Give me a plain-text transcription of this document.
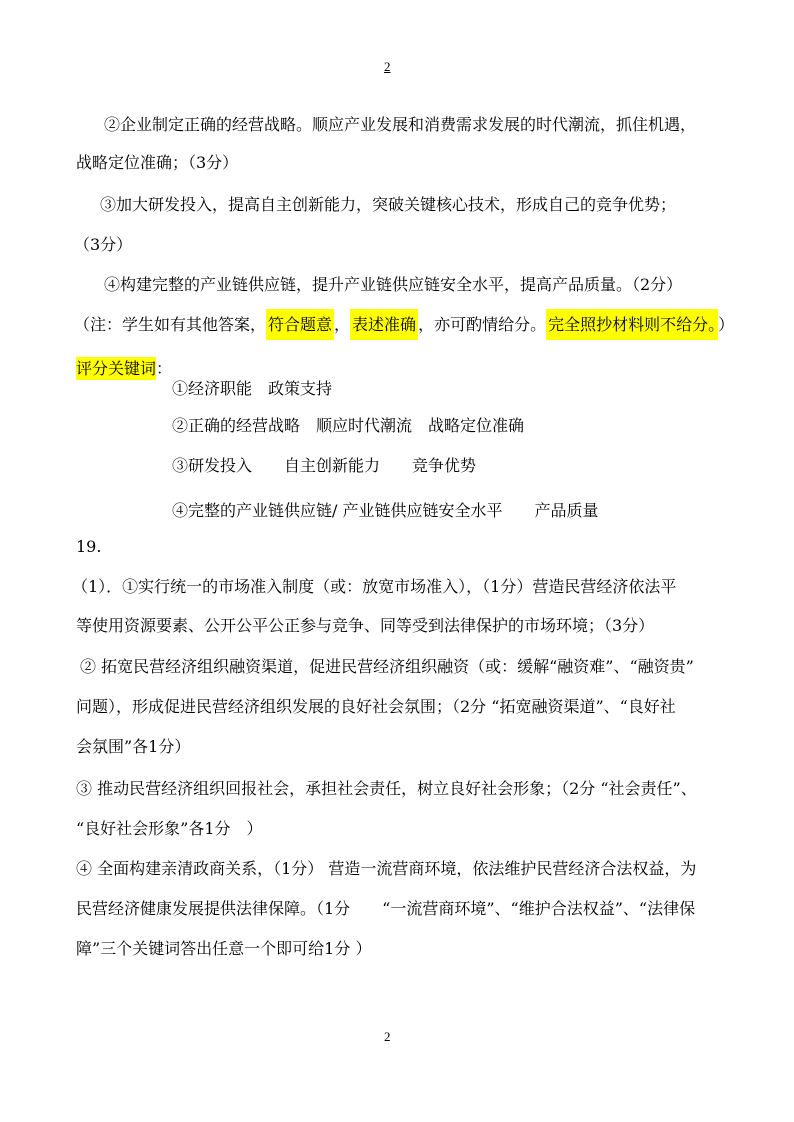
2
②企业制定正确的经营战略。顺应产业发展和消费需求发展的时代潮流，抓住机遇，
战略定位准确；（3分）
③加大研发投入，提高自主创新能力，突破关键核心技术，形成自己的竞争优势；
（3分）
④构建完整的产业链供应链，提升产业链供应链安全水平，提高产品质量。（2分）
（注：学生如有其他答案， 符合题意 ， 表述准确 ，亦可酌情给分。 完全照抄材料则不给分。 ）
评分关键词：
①经济职能　政策支持
②正确的经营战略　顺应时代潮流　战略定位准确
③研发投入　　自主创新能力　　竞争优势
④完整的产业链供应链/ 产业链供应链安全水平　　产品质量
19.
（1）．①实行统一的市场准入制度（或：放宽市场准入），（1分）营造民营经济依法平
等使用资源要素、公开公平公正参与竞争、同等受到法律保护的市场环境；（3分）
② 拓宽民营经济组织融资渠道，促进民营经济组织融资（或：缓解“融资难”、“融资贵”
问题），形成促进民营经济组织发展的良好社会氛围；（2分 “拓宽融资渠道”、“良好社
会氛围”各1分）
③ 推动民营经济组织回报社会，承担社会责任，树立良好社会形象；（2分 “社会责任”、
“良好社会形象”各1分　）
④ 全面构建亲清政商关系，（1分） 营造一流营商环境，依法维护民营经济合法权益，为
民营经济健康发展提供法律保障。（1分　　“一流营商环境”、“维护合法权益”、“法律保
障”三个关键词答出任意一个即可给1分 ）
2
